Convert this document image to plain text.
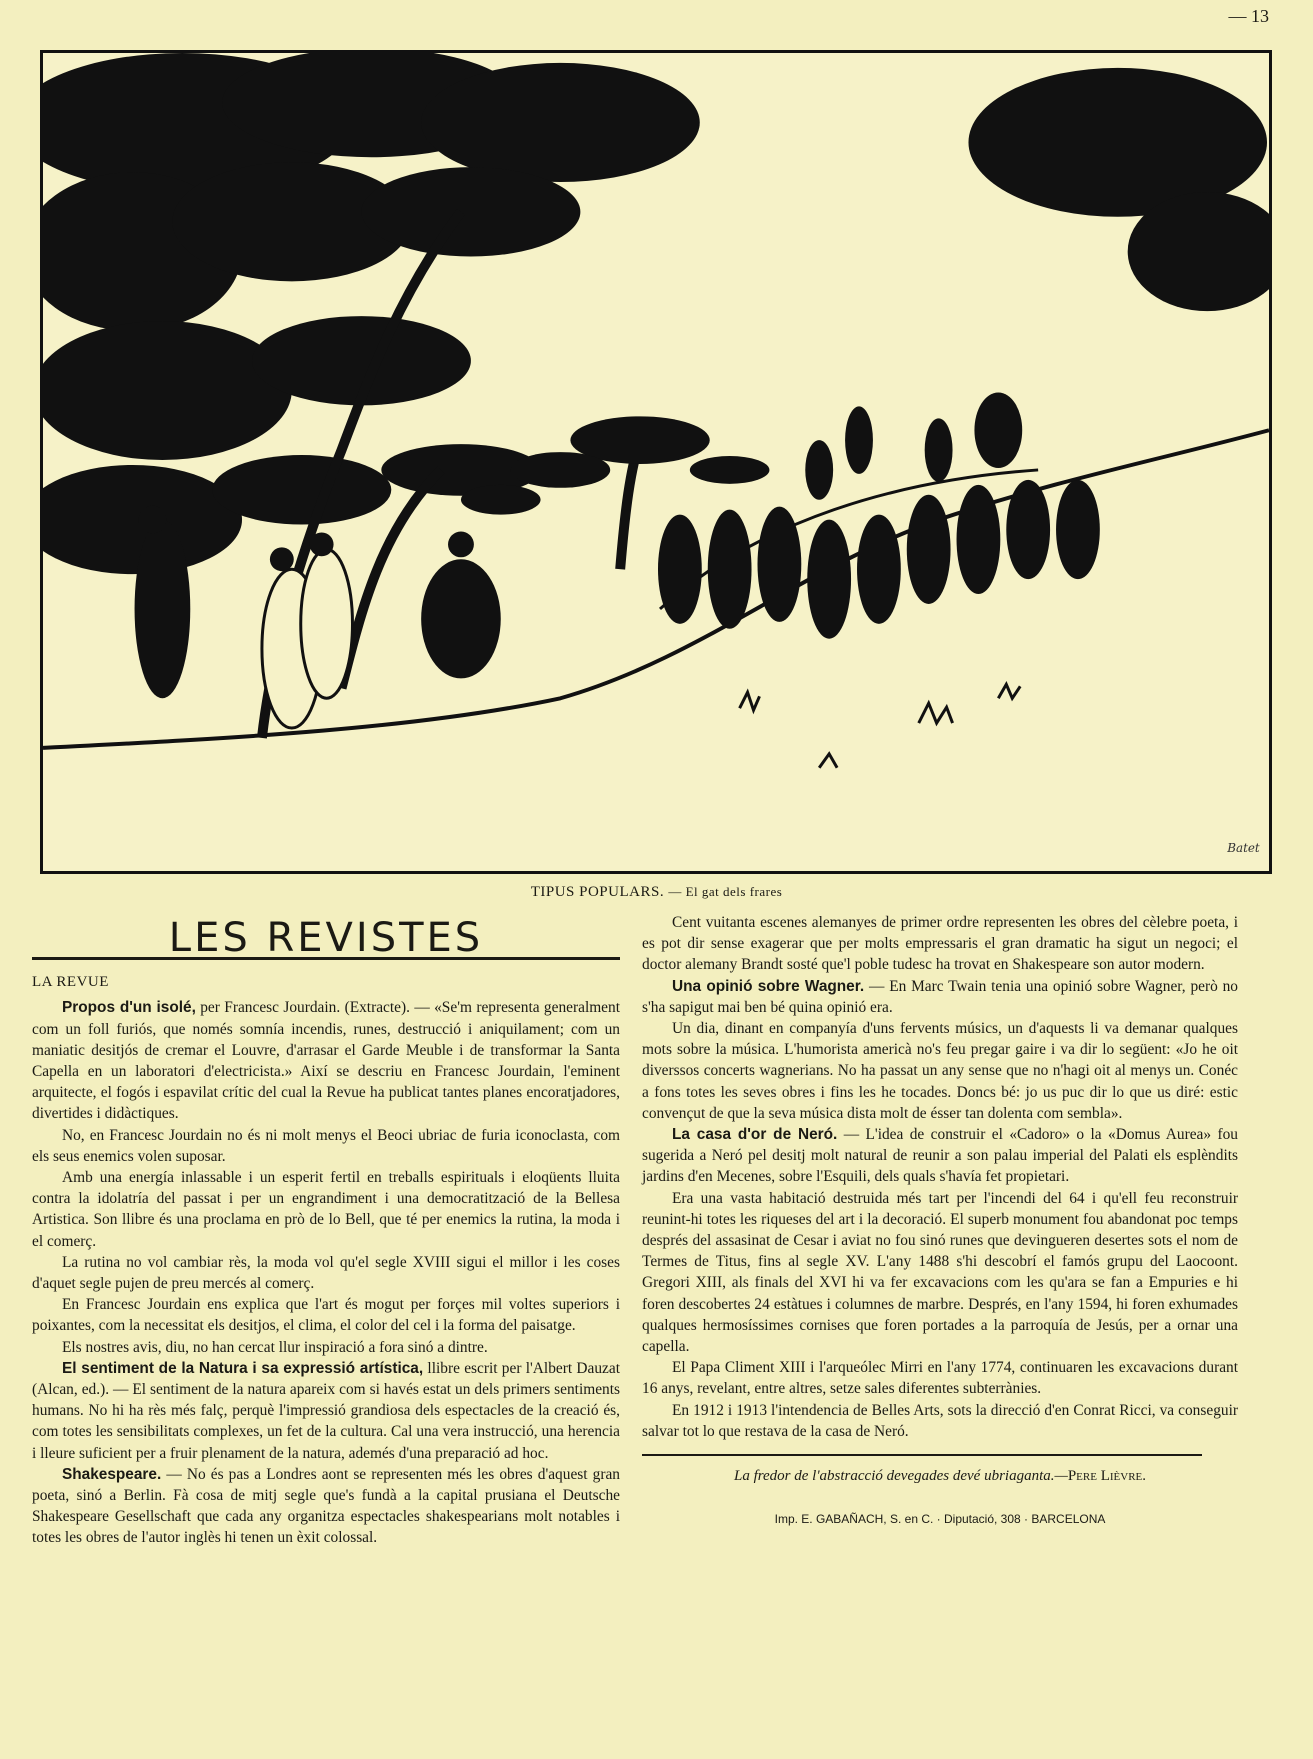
— 13
Batet
TIPUS POPULARS. — El gat dels frares
LES REVISTES
LA REVUE

Propos d'un isolé, per Francesc Jourdain. (Extracte). — «Se'm representa generalment com un foll furiós, que només somnía incendis, runes, destrucció i aniquilament; com un maniatic desitjós de cremar el Louvre, d'arrasar el Garde Meuble i de transformar la Santa Capella en un laboratori d'electricista.» Així se descriu en Francesc Jourdain, l'eminent arquitecte, el fogós i espavilat crític del cual la Revue ha publicat tantes planes encoratjadores, divertides i didàctiques.

No, en Francesc Jourdain no és ni molt menys el Beoci ubriac de furia iconoclasta, com els seus enemics volen suposar.

Amb una energía inlassable i un esperit fertil en treballs espirituals i eloqüents lluita contra la idolatría del passat i per un engrandiment i una democratització de la Bellesa Artistica. Son llibre és una proclama en prò de lo Bell, que té per enemics la rutina, la moda i el comerç.

La rutina no vol cambiar rès, la moda vol qu'el segle XVIII sigui el millor i les coses d'aquet segle pujen de preu mercés al comerç.

En Francesc Jourdain ens explica que l'art és mogut per forçes mil voltes superiors i poixantes, com la necessitat els desitjos, el clima, el color del cel i la forma del paisatge.

Els nostres avis, diu, no han cercat llur inspiració a fora sinó a dintre.

El sentiment de la Natura i sa expressió artística, llibre escrit per l'Albert Dauzat (Alcan, ed.). — El sentiment de la natura apareix com si havés estat un dels primers sentiments humans. No hi ha rès més falç, perquè l'impressió grandiosa dels espectacles de la creació és, com totes les sensibilitats complexes, un fet de la cultura. Cal una vera instrucció, una herencia i lleure suficient per a fruir plenament de la natura, ademés d'una preparació ad hoc.

Shakespeare. — No és pas a Londres aont se representen més les obres d'aquest gran poeta, sinó a Berlin. Fà cosa de mitj segle que's fundà a la capital prusiana el Deutsche Shakespeare Gesellschaft que cada any organitza espectacles shakespearians molt notables i totes les obres de l'autor inglès hi tenen un èxit colossal.

Cent vuitanta escenes alemanyes de primer ordre representen les obres del cèlebre poeta, i es pot dir sense exagerar que per molts empressaris el gran dramatic ha sigut un negoci; el doctor alemany Brandt sosté que'l poble tudesc ha trovat en Shakespeare son autor modern.

Una opinió sobre Wagner. — En Marc Twain tenia una opinió sobre Wagner, però no s'ha sapigut mai ben bé quina opinió era.

Un dia, dinant en companyía d'uns fervents músics, un d'aquests li va demanar qualques mots sobre la música. L'humorista americà no's feu pregar gaire i va dir lo següent: «Jo he oit diverssos concerts wagnerians. No ha passat un any sense que no n'hagi oit al menys un. Conéc a fons totes les seves obres i fins les he tocades. Doncs bé: jo us puc dir lo que us diré: estic convençut de que la seva música dista molt de ésser tan dolenta com sembla».

La casa d'or de Neró. — L'idea de construir el «Cadoro» o la «Domus Aurea» fou sugerida a Neró pel desitj molt natural de reunir a son palau imperial del Palati els esplèndits jardins d'en Mecenes, sobre l'Esquili, dels quals s'havía fet propietari.

Era una vasta habitació destruida més tart per l'incendi del 64 i qu'ell feu reconstruir reunint-hi totes les riqueses del art i la decoració. El superb monument fou abandonat poc temps després del assasinat de Cesar i aviat no fou sinó runes que devingueren desertes sots el nom de Termes de Titus, fins al segle XV. L'any 1488 s'hi descobrí el famós grupu del Laocoont. Gregori XIII, als finals del XVI hi va fer excavacions com les qu'ara se fan a Empuries e hi foren descobertes 24 estàtues i columnes de marbre. Després, en l'any 1594, hi foren exhumades qualques hermosíssimes cornises que foren portades a la parroquía de Jesús, per a ornar una capella.

El Papa Climent XIII i l'arqueólec Mirri en l'any 1774, continuaren les excavacions durant 16 anys, revelant, entre altres, setze sales diferentes subterrànies.

En 1912 i 1913 l'intendencia de Belles Arts, sots la direcció d'en Conrat Ricci, va conseguir salvar tot lo que restava de la casa de Neró.

La fredor de l'abstracció devegades devé ubriaganta.—Pere Lièvre.

Imp. E. GABAÑACH, S. en C. · Diputació, 308 · BARCELONA
